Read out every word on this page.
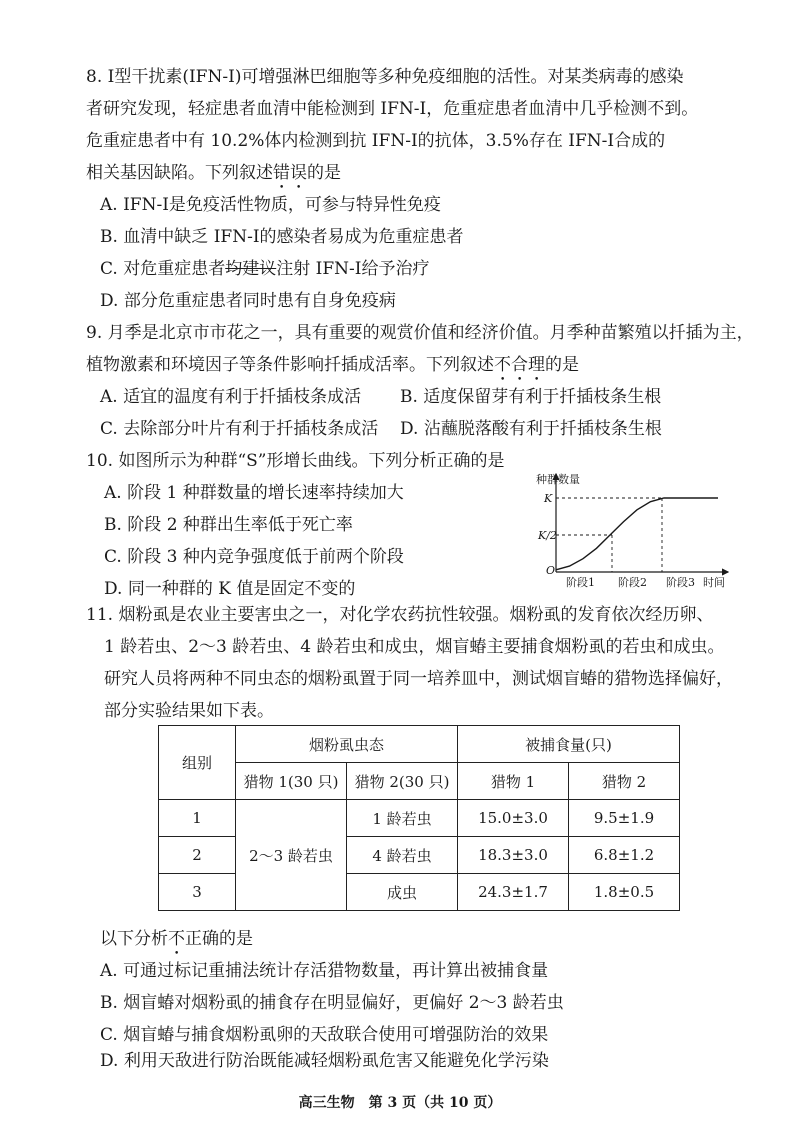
8. Ⅰ型干扰素(IFN-Ⅰ)可增强淋巴细胞等多种免疫细胞的活性。对某类病毒的感染
者研究发现，轻症患者血清中能检测到 IFN-Ⅰ，危重症患者血清中几乎检测不到。
危重症患者中有 10.2%体内检测到抗 IFN-Ⅰ的抗体，3.5%存在 IFN-Ⅰ合成的
相关基因缺陷。下列叙述错误的是
A. IFN-Ⅰ是免疫活性物质，可参与特异性免疫
B. 血清中缺乏 IFN-Ⅰ的感染者易成为危重症患者
C. 对危重症患者均建议注射 IFN-Ⅰ给予治疗
D. 部分危重症患者同时患有自身免疫病
9. 月季是北京市市花之一，具有重要的观赏价值和经济价值。月季种苗繁殖以扦插为主，
植物激素和环境因子等条件影响扦插成活率。下列叙述不合理的是
A. 适宜的温度有利于扦插枝条成活 B. 适度保留芽有利于扦插枝条生根
C. 去除部分叶片有利于扦插枝条成活 D. 沾蘸脱落酸有利于扦插枝条生根
10. 如图所示为种群“S”形增长曲线。下列分析正确的是
A. 阶段 1 种群数量的增长速率持续加大
B. 阶段 2 种群出生率低于死亡率
C. 阶段 3 种内竞争强度低于前两个阶段
D. 同一种群的 K 值是固定不变的
种群数量
K
K/2
O
阶段1 阶段2 阶段3 时间
11. 烟粉虱是农业主要害虫之一，对化学农药抗性较强。烟粉虱的发育依次经历卵、
1 龄若虫、2～3 龄若虫、4 龄若虫和成虫，烟盲蝽主要捕食烟粉虱的若虫和成虫。
研究人员将两种不同虫态的烟粉虱置于同一培养皿中，测试烟盲蝽的猎物选择偏好，
部分实验结果如下表。
组别	烟粉虱虫态		被捕食量(只)	
	猎物 1(30 只)	猎物 2(30 只)	猎物 1	猎物 2
1	2～3 龄若虫	1 龄若虫	15.0±3.0	9.5±1.9
2		4 龄若虫	18.3±3.0	6.8±1.2
3		成虫	24.3±1.7	1.8±0.5
以下分析不正确的是
A. 可通过标记重捕法统计存活猎物数量，再计算出被捕食量
B. 烟盲蝽对烟粉虱的捕食存在明显偏好，更偏好 2～3 龄若虫
C. 烟盲蝽与捕食烟粉虱卵的天敌联合使用可增强防治的效果
D. 利用天敌进行防治既能减轻烟粉虱危害又能避免化学污染
高三生物　第 3 页（共 10 页）
